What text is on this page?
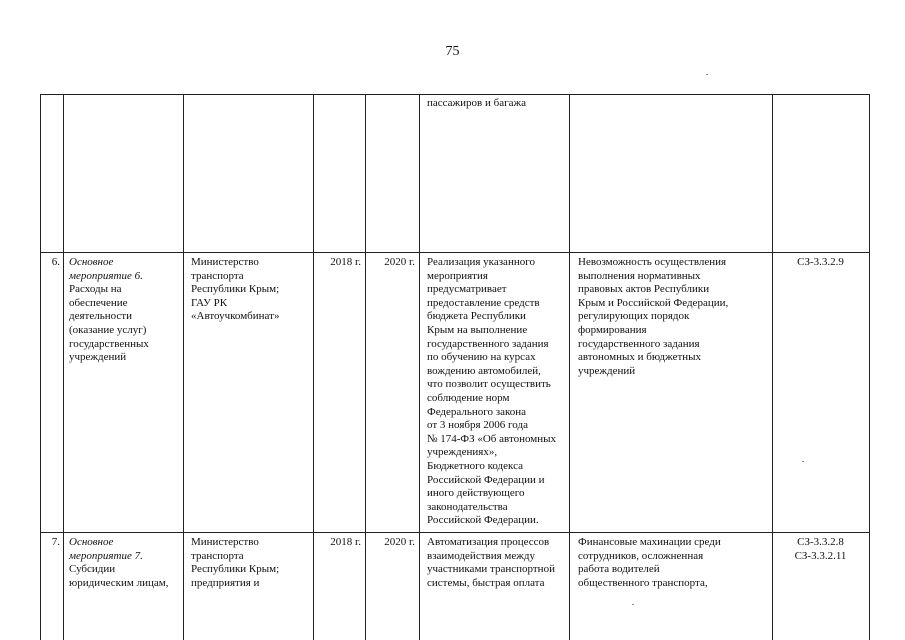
75
пассажиров и багажа
6. Основное
мероприятие 6.
Расходы на
обеспечение
деятельности
(оказание услуг)
государственных
учреждений
Министерство
транспорта
Республики Крым;
ГАУ РК
«Автоучкомбинат»
2018 г.	2020 г. Реализация указанного
мероприятия
предусматривает
предоставление средств
бюджета Республики
Крым на выполнение
государственного задания
по обучению на курсах
вождению автомобилей,
что позволит осуществить
соблюдение норм
Федерального закона
от 3 ноября 2006 года
№ 174-ФЗ «Об автономных
учреждениях»,
Бюджетного кодекса
Российской Федерации и
иного действующего
законодательства
Российской Федерации.
Невозможность осуществления
выполнения нормативных
правовых актов Республики
Крым и Российской Федерации,
регулирующих порядок
формирования
государственного задания
автономных и бюджетных
учреждений
СЗ-3.3.2.9
7. Основное
мероприятие 7.
Субсидии
юридическим лицам,
Министерство
транспорта
Республики Крым;
предприятия и
2018 г.	2020 г. Автоматизация процессов
взаимодействия между
участниками транспортной
системы, быстрая оплата
Финансовые махинации среди
сотрудников, осложненная
работа водителей
общественного транспорта,
СЗ-3.3.2.8
СЗ-3.3.2.11
